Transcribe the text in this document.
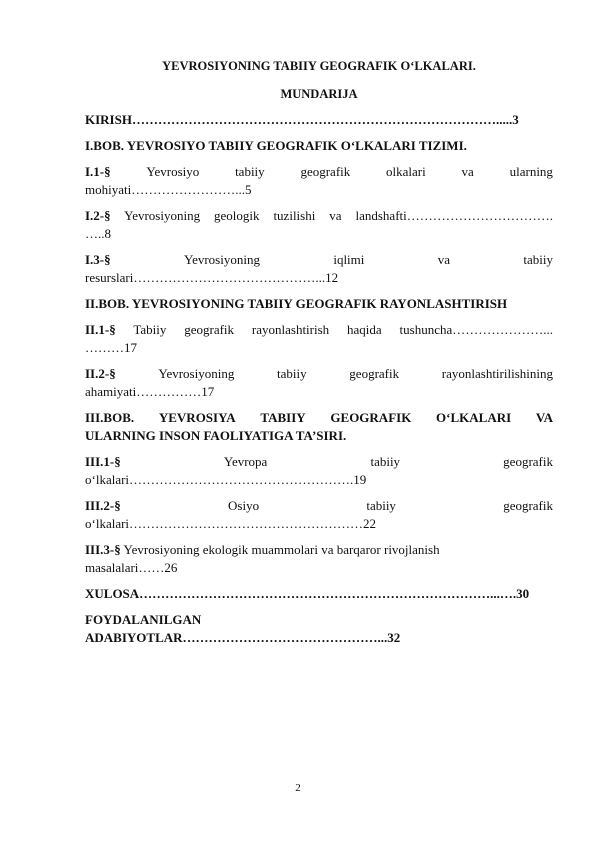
YEVROSIYONING TABIIY GEOGRAFIK O‘LKALARI.
MUNDARIJA
KIRISH………………………………………………………………………….....3
I.BOB. YEVROSIYO TABIIY GEOGRAFIK O‘LKALARI TIZIMI.
I.1-§	Yevrosiyo	tabiiy	geografik	olkalari	va	ularning
mohiyati……………………...5
I.2-§ Yevrosiyoning geologik tuzilishi va landshafti…………………………….
…..8
I.3-§	Yevrosiyoning	iqlimi	va	tabiiy
resurslari……………………………………...12
II.BOB. YEVROSIYONING TABIIY GEOGRAFIK RAYONLASHTIRISH
II.1-§ Tabiiy geografik rayonlashtirish haqida tushuncha…………………...
………17
II.2-§	Yevrosiyoning	tabiiy	geografik	rayonlashtirilishining
ahamiyati……………17
III.BOB. YEVROSIYA TABIIY GEOGRAFIK O‘LKALARI VA
ULARNING INSON FAOLIYATIGA TA’SIRI.
III.1-§	Yevropa	tabiiy	geografik
o‘lkalari…………………………………………….19
III.2-§	Osiyo	tabiiy	geografik
o‘lkalari………………………………………………22
III.3-§ Yevrosiyoning ekologik muammolari va barqaror rivojlanish
masalalari……26
XULOSA………………………………………………………………………...….30
FOYDALANILGAN
ADABIYOTLAR………………………………………...32
2
